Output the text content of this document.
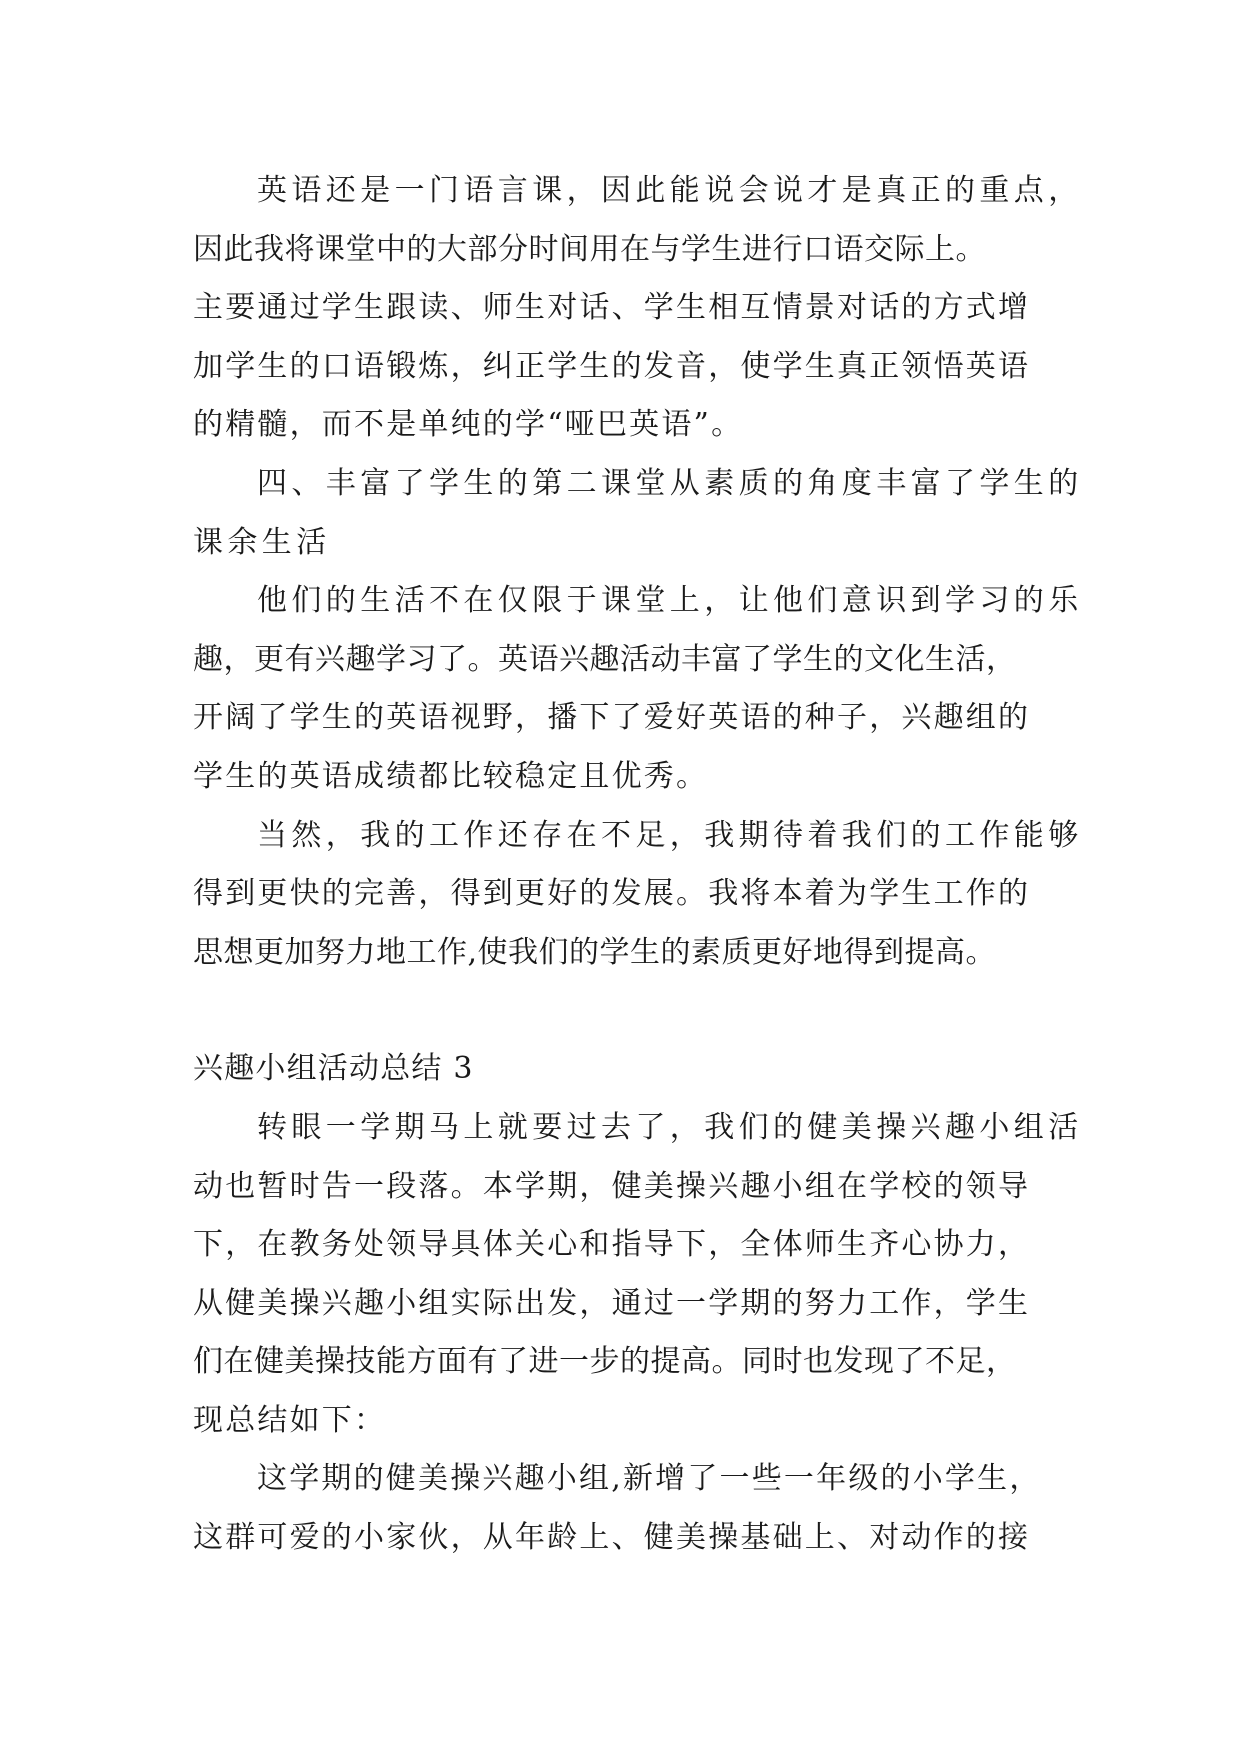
英语还是一门语言课，因此能说会说才是真正的重点，
因此我将课堂中的大部分时间用在与学生进行口语交际上。
主要通过学生跟读、师生对话、学生相互情景对话的方式增
加学生的口语锻炼，纠正学生的发音，使学生真正领悟英语
的精髓，而不是单纯的学“哑巴英语”。
四、丰富了学生的第二课堂从素质的角度丰富了学生的
课余生活
他们的生活不在仅限于课堂上，让他们意识到学习的乐
趣，更有兴趣学习了。英语兴趣活动丰富了学生的文化生活，
开阔了学生的英语视野，播下了爱好英语的种子，兴趣组的
学生的英语成绩都比较稳定且优秀。
当然，我的工作还存在不足，我期待着我们的工作能够
得到更快的完善，得到更好的发展。我将本着为学生工作的
思想更加努力地工作,使我们的学生的素质更好地得到提高。
兴趣小组活动总结 3
转眼一学期马上就要过去了，我们的健美操兴趣小组活
动也暂时告一段落。本学期，健美操兴趣小组在学校的领导
下，在教务处领导具体关心和指导下，全体师生齐心协力，
从健美操兴趣小组实际出发，通过一学期的努力工作，学生
们在健美操技能方面有了进一步的提高。同时也发现了不足，
现总结如下：
这学期的健美操兴趣小组,新增了一些一年级的小学生，
这群可爱的小家伙，从年龄上、健美操基础上、对动作的接
